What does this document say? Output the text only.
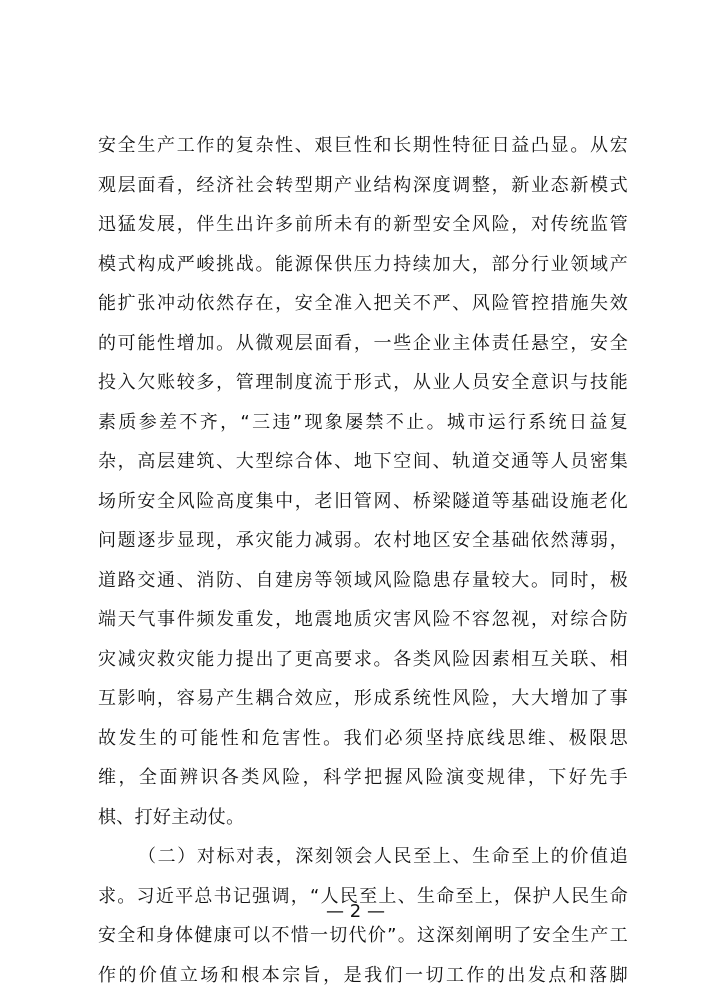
安全生产工作的复杂性、艰巨性和长期性特征日益凸显。从宏
观层面看，经济社会转型期产业结构深度调整，新业态新模式
迅猛发展，伴生出许多前所未有的新型安全风险，对传统监管
模式构成严峻挑战。能源保供压力持续加大，部分行业领域产
能扩张冲动依然存在，安全准入把关不严、风险管控措施失效
的可能性增加。从微观层面看，一些企业主体责任悬空，安全
投入欠账较多，管理制度流于形式，从业人员安全意识与技能
素质参差不齐，“三违”现象屡禁不止。城市运行系统日益复
杂，高层建筑、大型综合体、地下空间、轨道交通等人员密集
场所安全风险高度集中，老旧管网、桥梁隧道等基础设施老化
问题逐步显现，承灾能力减弱。农村地区安全基础依然薄弱，
道路交通、消防、自建房等领域风险隐患存量较大。同时，极
端天气事件频发重发，地震地质灾害风险不容忽视，对综合防
灾减灾救灾能力提出了更高要求。各类风险因素相互关联、相
互影响，容易产生耦合效应，形成系统性风险，大大增加了事
故发生的可能性和危害性。我们必须坚持底线思维、极限思
维，全面辨识各类风险，科学把握风险演变规律，下好先手
棋、打好主动仗。
（二）对标对表，深刻领会人民至上、生命至上的价值追
求。习近平总书记强调，“人民至上、生命至上，保护人民生命
安全和身体健康可以不惜一切代价”。这深刻阐明了安全生产工
作的价值立场和根本宗旨，是我们一切工作的出发点和落脚
— 2 —
